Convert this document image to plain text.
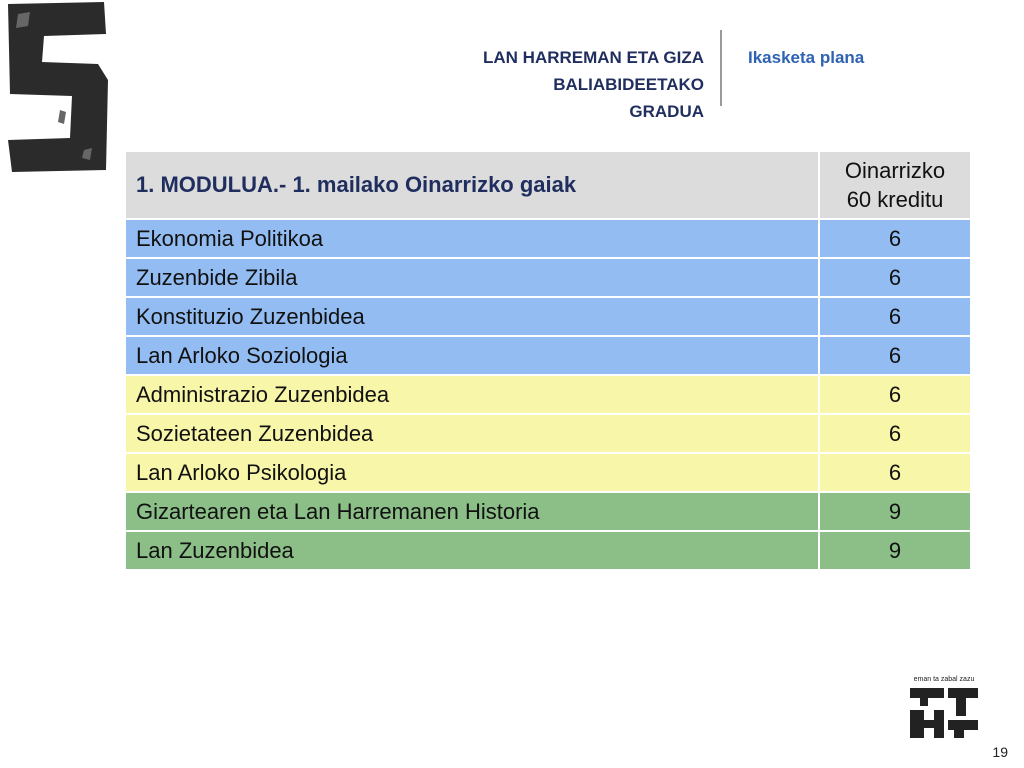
LAN HARREMAN ETA GIZA
BALIABIDEETAKO
GRADUA
Ikasketa plana
1. MODULUA.- 1. mailako Oinarrizko gaiak	Oinarrizko
60 kreditu

Ekonomia Politikoa	6
Zuzenbide Zibila	6
Konstituzio Zuzenbidea	6
Lan Arloko Soziologia	6
Administrazio Zuzenbidea	6
Sozietateen Zuzenbidea	6
Lan Arloko Psikologia	6
Gizartearen eta Lan Harremanen Historia	9
Lan Zuzenbidea	9
eman ta zabal zazu
19
